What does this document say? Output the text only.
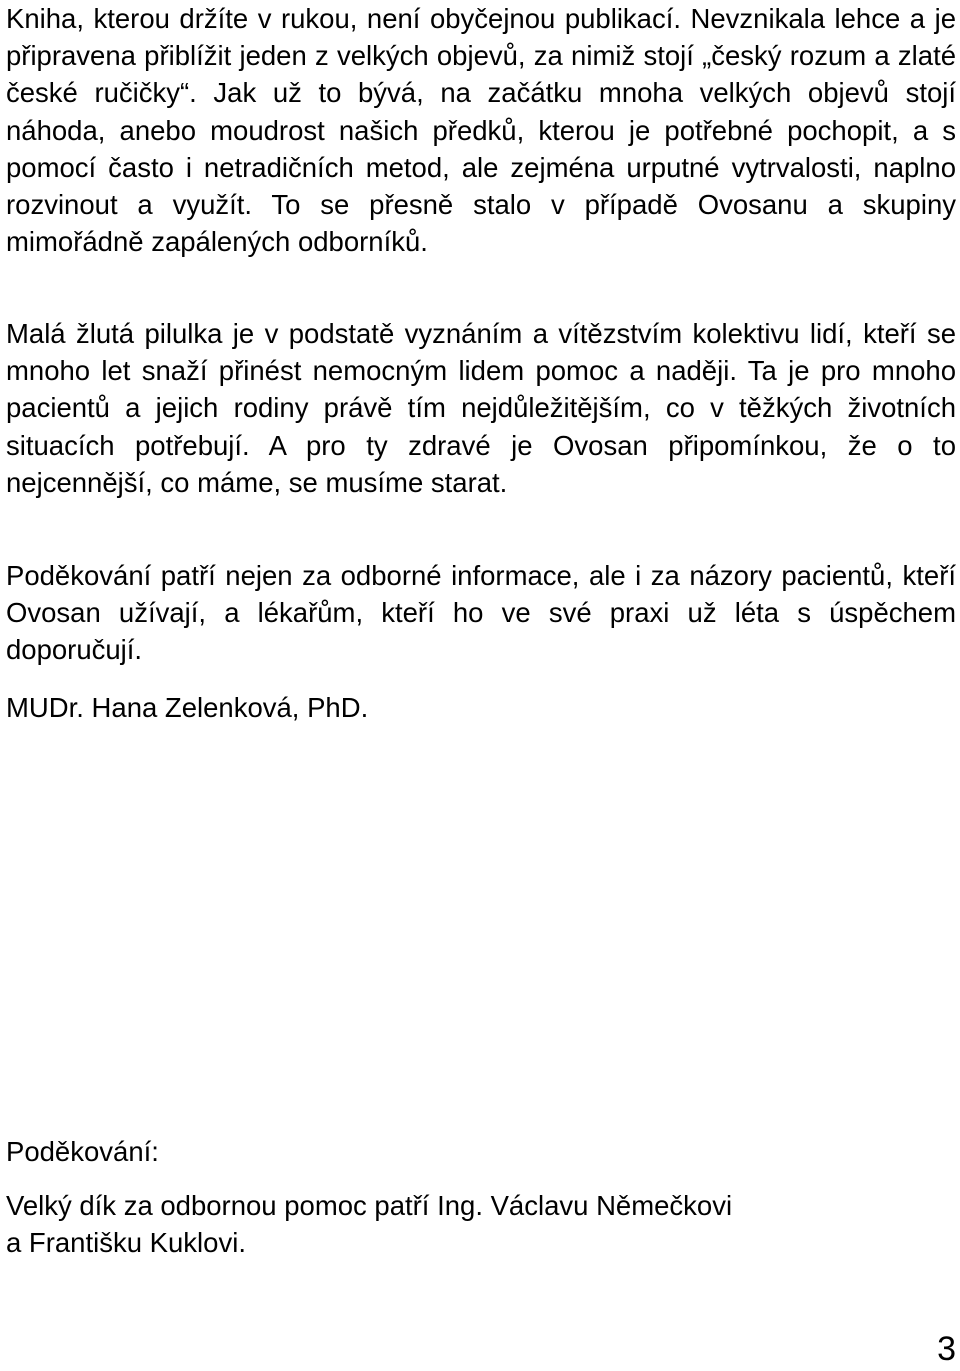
Kniha, kterou držíte v rukou, není obyčejnou publikací. Nevznikala lehce a je připravena přiblížit jeden z velkých objevů, za nimiž stojí „český rozum a zlaté české ručičky“. Jak už to bývá, na začátku mnoha velkých objevů stojí náhoda, anebo moudrost našich předků, kterou je potřebné pochopit, a s pomocí často i netradičních metod, ale zejména urputné vytrvalosti, naplno rozvinout a využít. To se přesně stalo v případě Ovosanu a skupiny mimořádně zapálených odborníků.

Malá žlutá pilulka je v podstatě vyznáním a vítězstvím kolektivu lidí, kteří se mnoho let snaží přinést nemocným lidem pomoc a naději. Ta je pro mnoho pacientů a jejich rodiny právě tím nejdůležitějším, co v těžkých životních situacích potřebují. A pro ty zdravé je Ovosan připomínkou, že o to nejcennější, co máme, se musíme starat.

Poděkování patří nejen za odborné informace, ale i za názory pacientů, kteří Ovosan užívají, a lékařům, kteří ho ve své praxi už léta s úspěchem doporučují.

MUDr. Hana Zelenková, PhD.

Poděkování:

Velký dík za odbornou pomoc patří Ing. Václavu Němečkovi
a Františku Kuklovi.
3
